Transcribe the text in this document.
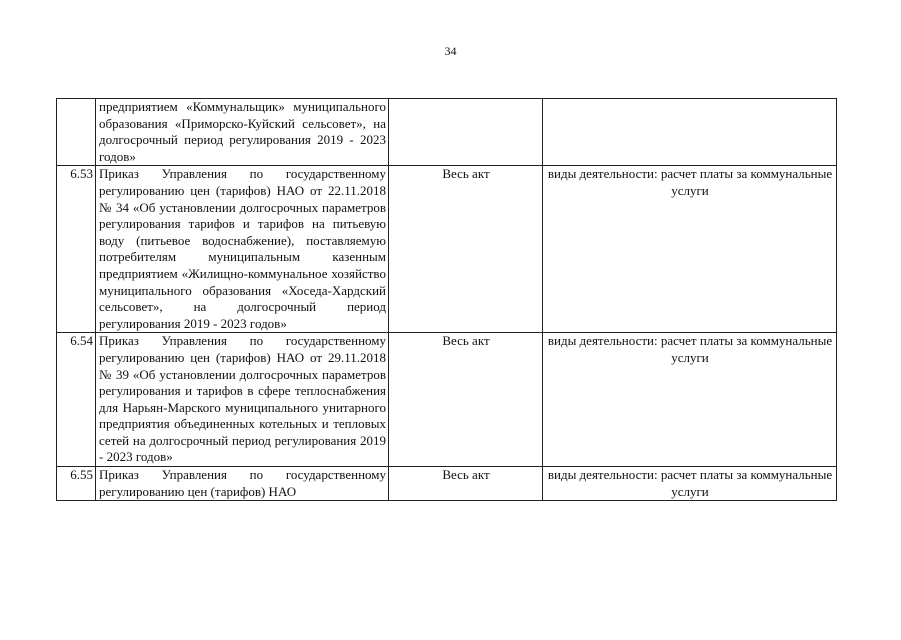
34
	предприятием «Коммунальщик» муниципального образования «Приморско-Куйский сельсовет», на долгосрочный период регулирования 2019 - 2023 годов»		
6.53	Приказ Управления по государственному регулированию цен (тарифов) НАО от 22.11.2018 № 34 «Об установлении долгосрочных параметров регулирования тарифов и тарифов на питьевую воду (питьевое водоснабжение), поставляемую потребителям муниципальным казенным предприятием «Жилищно-коммунальное хозяйство муниципального образования «Хоседа-Хардский сельсовет», на долгосрочный период регулирования 2019 - 2023 годов»	Весь акт	виды деятельности: расчет платы за коммунальные услуги
6.54	Приказ Управления по государственному регулированию цен (тарифов) НАО от 29.11.2018 № 39 «Об установлении долгосрочных параметров регулирования и тарифов в сфере теплоснабжения для Нарьян-Марского муниципального унитарного предприятия объединенных котельных и тепловых сетей на долгосрочный период регулирования 2019 - 2023 годов»	Весь акт	виды деятельности: расчет платы за коммунальные услуги
6.55	Приказ Управления по государственному регулированию цен (тарифов) НАО	Весь акт	виды деятельности: расчет платы за коммунальные услуги
